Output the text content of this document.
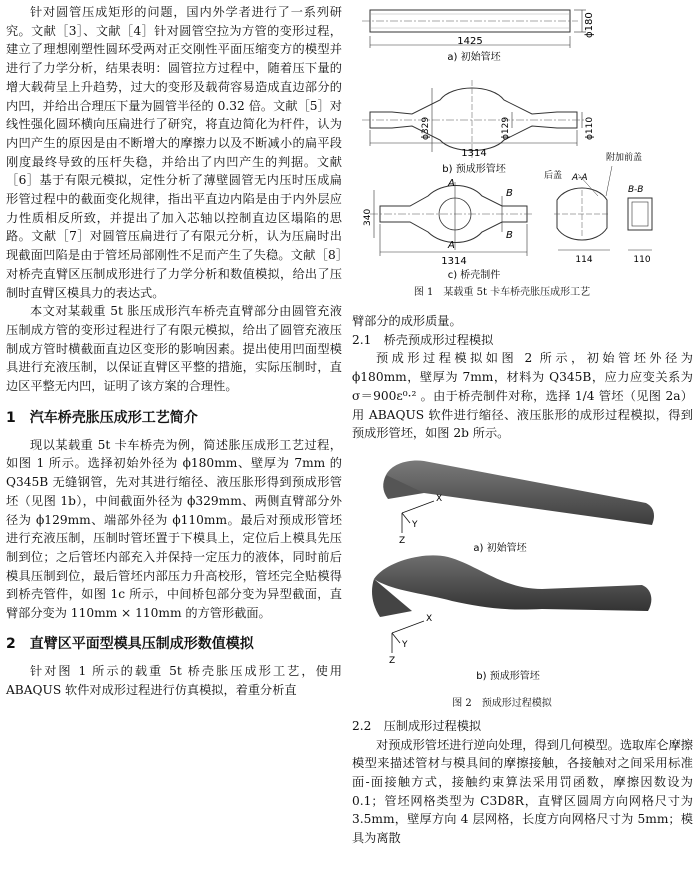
针对圆管压成矩形的问题，国内外学者进行了一系列研究。文献［3］、文献［4］针对圆管空拉为方管的变形过程，建立了理想刚塑性圆环受两对正交刚性平面压缩变方的模型并进行了力学分析，结果表明：圆管拉方过程中，随着压下量的增大载荷呈上升趋势，过大的变形及载荷容易造成直边部分的内凹，并给出合理压下量为圆管半径的 0.32 倍。文献［5］对线性强化圆环横向压扁进行了研究，将直边简化为杆件，认为内凹产生的原因是由不断增大的摩擦力以及不断减小的扁平段刚度最终导致的压杆失稳，并给出了内凹产生的判据。文献［6］基于有限元模拟，定性分析了薄壁圆管无内压时压成扁形管过程中的截面变化规律，指出平直边内陷是由于内外层应力性质相反所致，并提出了加入芯轴以控制直边区塌陷的思路。文献［7］对圆管压扁进行了有限元分析，认为压扁时出现截面凹陷是由于管坯局部刚性不足而产生了失稳。文献［8］对桥壳直臂区压制成形进行了力学分析和数值模拟，给出了压制时直臂区模具力的表达式。

本文对某载重 5t 胀压成形汽车桥壳直臂部分由圆管充液压制成方管的变形过程进行了有限元模拟，给出了圆管充液压制成方管时横截面直边区变形的影响因素。提出使用凹面型模具进行充液压制，以保证直臂区平整的措施，实际压制时，直边区平整无内凹，证明了该方案的合理性。

1　汽车桥壳胀压成形工艺简介

现以某载重 5t 卡车桥壳为例，简述胀压成形工艺过程，如图 1 所示。选择初始外径为 ϕ180mm、壁厚为 7mm 的 Q345B 无缝钢管，先对其进行缩径、液压胀形得到预成形管坯（见图 1b），中间截面外径为 ϕ329mm、两侧直臂部分外径为 ϕ129mm、端部外径为 ϕ110mm。最后对预成形管坯进行充液压制，压制时管坯置于下模具上，定位后上模具先压制到位；之后管坯内部充入并保持一定压力的液体，同时前后模具压制到位，最后管坯内部压力升高校形，管坯完全贴模得到桥壳管件，如图 1c 所示，中间桥包部分变为异型截面，直臂部分变为 110mm × 110mm 的方管形截面。

2　直臂区平面型模具压制成形数值模拟

针对图 1 所示的载重 5t 桥壳胀压成形工艺，使用 ABAQUS 软件对成形过程进行仿真模拟，着重分析直

1425
ϕ180
a) 初始管坯
ϕ329	ϕ129	ϕ110
1314
b) 预成形管坯
A
A
B
B
340
1314
后盖
附加前盖
A-A
B-B
114	110
c) 桥壳制件
图 1　某载重 5t 卡车桥壳胀压成形工艺

臂部分的成形质量。

2.1　桥壳预成形过程模拟

预成形过程模拟如图 2 所示，初始管坯外径为 ϕ180mm，壁厚为 7mm，材料为 Q345B，应力应变关系为 σ＝900ε⁰·² 。由于桥壳制件对称，选择 1/4 管坯（见图 2a）用 ABAQUS 软件进行缩径、液压胀形的成形过程模拟，得到预成形管坯，如图 2b 所示。

X
Y
Z
a) 初始管坯
X
Y
Z
b) 预成形管坯
图 2　预成形过程模拟
2.2　压制成形过程模拟

对预成形管坯进行逆向处理，得到几何模型。选取库仑摩擦模型来描述管材与模具间的摩擦接触，各接触对之间采用标准面-面接触方式，接触约束算法采用罚函数，摩擦因数设为 0.1；管坯网格类型为 C3D8R，直臂区圆周方向网格尺寸为 3.5mm，壁厚方向 4 层网格，长度方向网格尺寸为 5mm；模具为离散
